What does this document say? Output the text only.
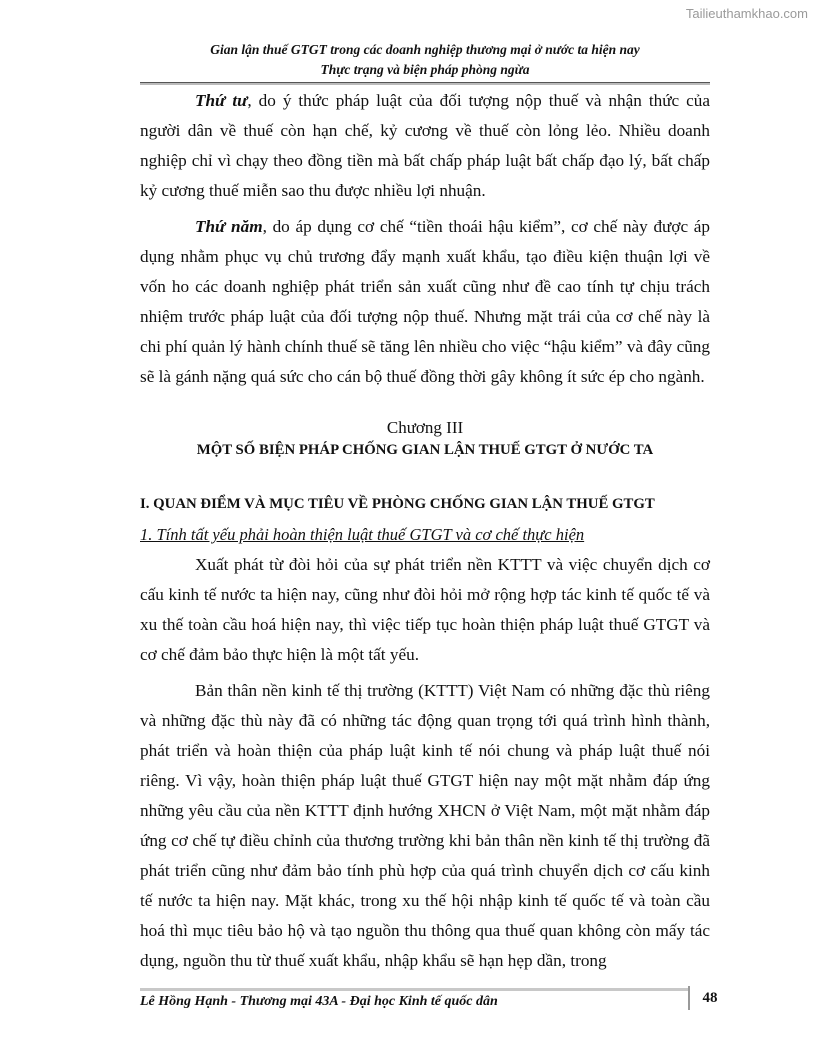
Tailieuthamkhao.com
Gian lận thuế GTGT trong các doanh nghiệp thương mại ở nước ta hiện nay
Thực trạng và biện pháp phòng ngừa

Thứ tư, do ý thức pháp luật của đối tượng nộp thuế và nhận thức của người dân về thuế còn hạn chế, kỷ cương về thuế còn lỏng lẻo. Nhiều doanh nghiệp chỉ vì chạy theo đồng tiền mà bất chấp pháp luật bất chấp đạo lý, bất chấp kỷ cương thuế miễn sao thu được nhiều lợi nhuận.

Thứ năm, do áp dụng cơ chế “tiền thoái hậu kiểm”, cơ chế này được áp dụng nhằm phục vụ chủ trương đẩy mạnh xuất khẩu, tạo điều kiện thuận lợi về vốn ho các doanh nghiệp phát triển sản xuất cũng như đề cao tính tự chịu trách nhiệm trước pháp luật của đối tượng nộp thuế. Nhưng mặt trái của cơ chế này là chi phí quản lý hành chính thuế sẽ tăng lên nhiều cho việc “hậu kiểm” và đây cũng sẽ là gánh nặng quá sức cho cán bộ thuế đồng thời gây không ít sức ép cho ngành.

Chương III
MỘT SỐ BIỆN PHÁP CHỐNG GIAN LẬN THUẾ GTGT Ở NƯỚC TA
I. QUAN ĐIỂM VÀ MỤC TIÊU VỀ PHÒNG CHỐNG GIAN LẬN THUẾ GTGT
1. Tính tất yếu phải hoàn thiện luật thuế GTGT và cơ chế thực hiện

Xuất phát từ đòi hỏi của sự phát triển nền KTTT và việc chuyển dịch cơ cấu kinh tế nước ta hiện nay, cũng như đòi hỏi mở rộng hợp tác kinh tế quốc tế và xu thế toàn cầu hoá hiện nay, thì việc tiếp tục hoàn thiện pháp luật thuế GTGT và cơ chế đảm bảo thực hiện là một tất yếu.

Bản thân nền kinh tế thị trường (KTTT) Việt Nam có những đặc thù riêng và những đặc thù này đã có những tác động quan trọng tới quá trình hình thành, phát triển và hoàn thiện của pháp luật kinh tế nói chung và pháp luật thuế nói riêng. Vì vậy, hoàn thiện pháp luật thuế GTGT hiện nay một mặt nhằm đáp ứng những yêu cầu của nền KTTT định hướng XHCN ở Việt Nam, một mặt nhằm đáp ứng cơ chế tự điều chỉnh của thương trường khi bản thân nền kinh tế thị trường đã phát triển cũng như đảm bảo tính phù hợp của quá trình chuyển dịch cơ cấu kinh tế nước ta hiện nay. Mặt khác, trong xu thế hội nhập kinh tế quốc tế và toàn cầu hoá thì mục tiêu bảo hộ và tạo nguồn thu thông qua thuế quan không còn mấy tác dụng, nguồn thu từ thuế xuất khẩu, nhập khẩu sẽ hạn hẹp dần, trong

Lê Hồng Hạnh - Thương mại 43A - Đại học Kinh tế quốc dân	48
